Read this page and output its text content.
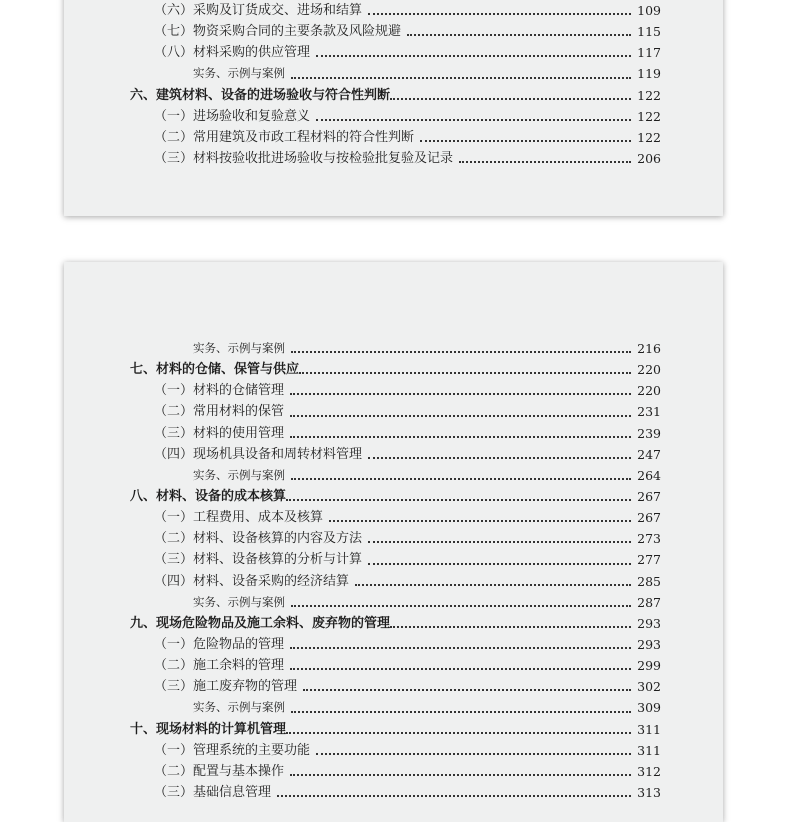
（六）采购及订货成交、进场和结算	109
（七）物资采购合同的主要条款及风险规避	115
（八）材料采购的供应管理	117
实务、示例与案例	119
六、建筑材料、设备的进场验收与符合性判断	122
（一）进场验收和复验意义	122
（二）常用建筑及市政工程材料的符合性判断	122
（三）材料按验收批进场验收与按检验批复验及记录	206
实务、示例与案例	216
七、材料的仓储、保管与供应	220
（一）材料的仓储管理	220
（二）常用材料的保管	231
（三）材料的使用管理	239
（四）现场机具设备和周转材料管理	247
实务、示例与案例	264
八、材料、设备的成本核算	267
（一）工程费用、成本及核算	267
（二）材料、设备核算的内容及方法	273
（三）材料、设备核算的分析与计算	277
（四）材料、设备采购的经济结算	285
实务、示例与案例	287
九、现场危险物品及施工余料、废弃物的管理	293
（一）危险物品的管理	293
（二）施工余料的管理	299
（三）施工废弃物的管理	302
实务、示例与案例	309
十、现场材料的计算机管理	311
（一）管理系统的主要功能	311
（二）配置与基本操作	312
（三）基础信息管理	313
